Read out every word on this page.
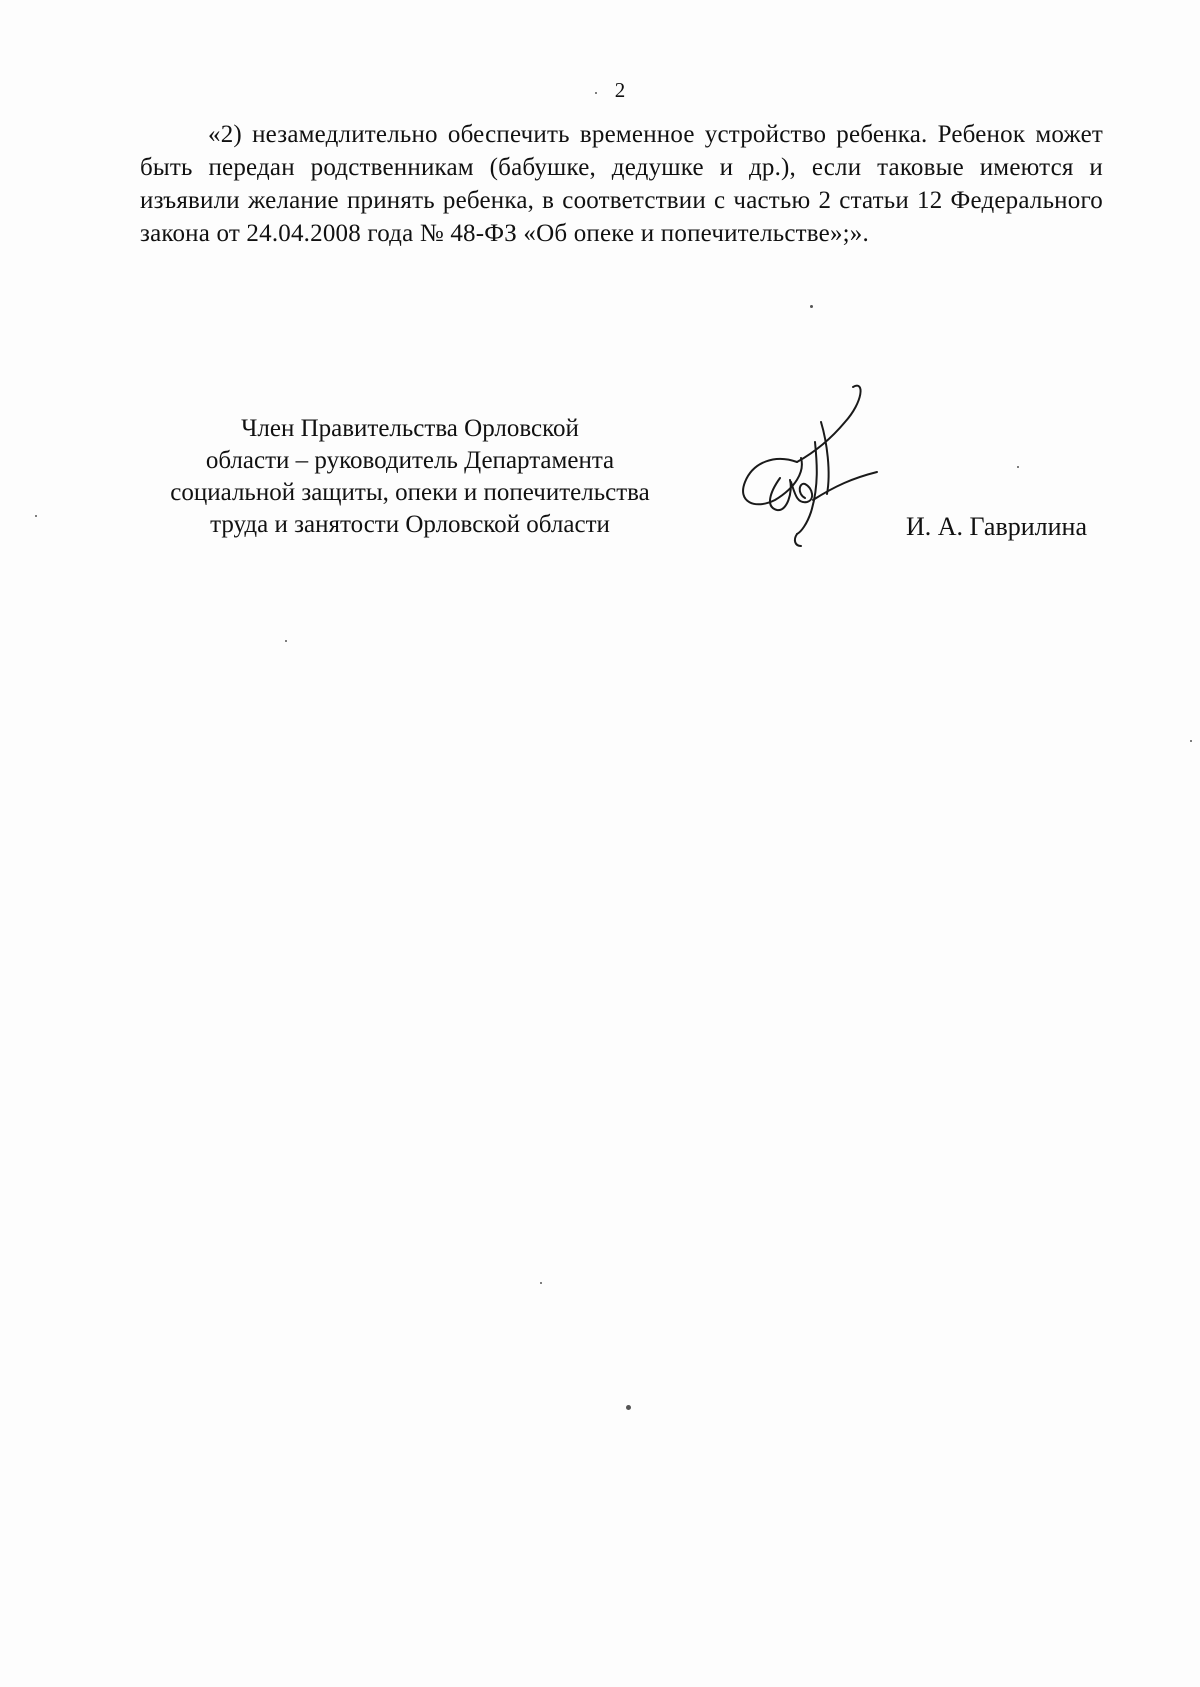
2

«2) незамедлительно обеспечить временное устройство ребенка. Ребенок может быть передан родственникам (бабушке, дедушке и др.), если таковые имеются и изъявили желание принять ребенка, в соответствии с частью 2 статьи 12 Федерального закона от 24.04.2008 года № 48-ФЗ «Об опеке и попечительстве»;».

Член Правительства Орловской
области – руководитель Департамента
социальной защиты, опеки и попечительства
труда и занятости Орловской области	И. А. Гаврилина
